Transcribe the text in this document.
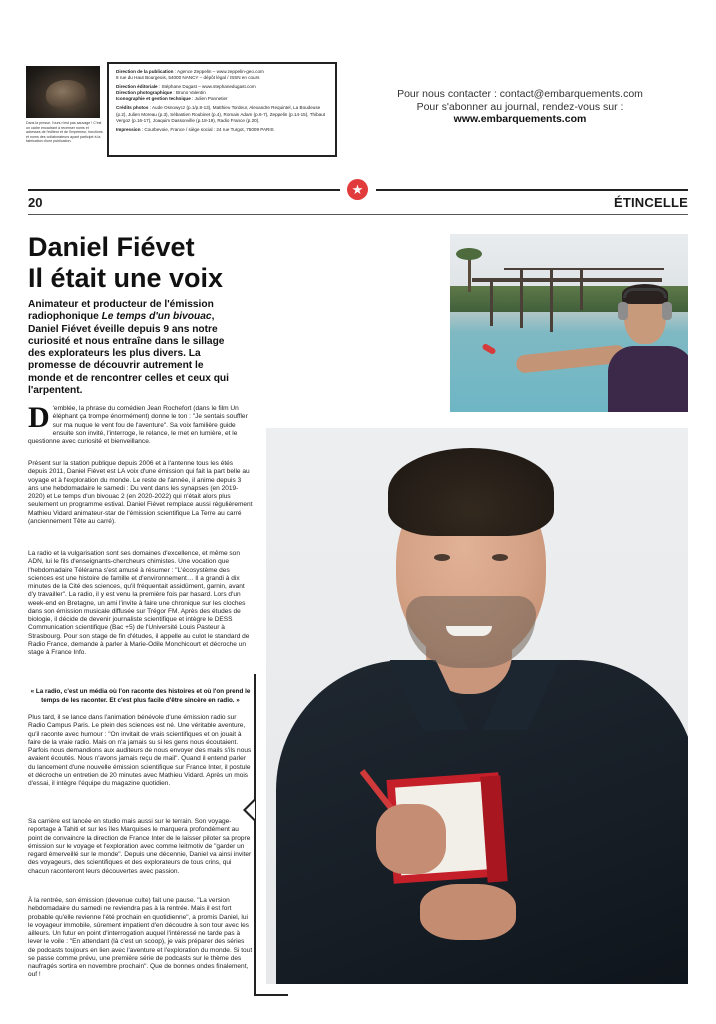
Dans la presse, l'ours n'est pas sauvage ! C'est un cadre encadrant à recenser noms et adresses de l'éditeur et de l'imprimeur, fonctions et noms des collaborateurs ayant participé à la fabrication d'une publication.
Direction de la publication : Agence Zeppelin – www.zeppelin-geo.com
8 rue du Haut Bourgeois, 54000 NANCY – dépôt légal / ISSN en cours
Direction éditoriale : Stéphane Dugast – www.stephanedugast.com
Direction photographique : Bruno Valentin
Iconographie et gestion technique : Julien Pannetier
Crédits photos : Aude Osnowycz (p.1/p.8-13), Matthieu Tordeur, Alexandre Requintel, La Boudeuse (p.2), Julien Moreau (p.3), Sébastien Roubinet (p.4), Romain Adam (p.6-7), Zeppelin (p.14-15), Thibaut Vergoz (p.16-17), Joaquim Dassonville (p.18-19), Radio France (p.20).
Impression : Courbevoie, France / siège social : 24 rue Turgot, 75009 PARIS
Pour nous contacter : contact@embarquements.com
Pour s'abonner au journal, rendez-vous sur :
www.embarquements.com
★
20	ÉTINCELLE
Daniel Fiévet
Il était une voix
Animateur et producteur de l'émission radiophonique Le temps d'un bivouac, Daniel Fiévet éveille depuis 9 ans notre curiosité et nous entraîne dans le sillage des explorateurs les plus divers. La promesse de découvrir autrement le monde et de rencontrer celles et ceux qui l'arpentent.
D 'emblée, la phrase du comédien Jean Rochefort (dans le film Un éléphant ça trompe énormément) donne le ton : "Je sentais souffler sur ma nuque le vent fou de l'aventure". Sa voix familière guide ensuite son invité, l'interroge, le relance, le met en lumière, et le questionne avec curiosité et bienveillance.
Présent sur la station publique depuis 2006 et à l'antenne tous les étés depuis 2011, Daniel Fiévet est LA voix d'une émission qui fait la part belle au voyage et à l'exploration du monde. Le reste de l'année, il anime depuis 3 ans une hebdomadaire le samedi : Du vent dans les synapses (en 2019-2020) et Le temps d'un bivouac 2 (en 2020-2022) qui n'était alors plus seulement un programme estival. Daniel Fiévet remplace aussi régulièrement Mathieu Vidard animateur-star de l'émission scientifique La Terre au carré (anciennement Tête au carré).
La radio et la vulgarisation sont ses domaines d'excellence, et même son ADN, lui le fils d'enseignants-chercheurs chimistes. Une vocation que l'hebdomadaire Télérama s'est amusé à résumer : "L'écosystème des sciences est une histoire de famille et d'environnement… Il a grandi à dix minutes de la Cité des sciences, qu'il fréquentait assidûment, garnin, avant d'y travailler". La radio, il y est venu la première fois par hasard. Lors d'un week-end en Bretagne, un ami l'invite à faire une chronique sur les cloches dans son émission musicale diffusée sur Trégor FM. Après des études de biologie, il décide de devenir journaliste scientifique et intègre le DESS Communication scientifique (Bac +5) de l'Université Louis Pasteur à Strasbourg. Pour son stage de fin d'études, il appelle au culot le standard de Radio France, demande à parler à Marie-Odile Monchicourt et décroche un stage à France Info.
« La radio, c'est un média où l'on raconte des histoires et où l'on prend le temps de les raconter. Et c'est plus facile d'être sincère en radio. »
Plus tard, il se lance dans l'animation bénévole d'une émission radio sur Radio Campus Paris. Le plein des sciences est né. Une véritable aventure, qu'il raconte avec humour : "On invitait de vrais scientifiques et on jouait à faire de la vraie radio. Mais on n'a jamais su si les gens nous écoutaient. Parfois nous demandions aux auditeurs de nous envoyer des mails s'ils nous avaient écoutés. Nous n'avons jamais reçu de mail". Quand il entend parler du lancement d'une nouvelle émission scientifique sur France Inter, il postule et décroche un entretien de 20 minutes avec Mathieu Vidard. Après un mois d'essai, il intègre l'équipe du magazine quotidien.
Sa carrière est lancée en studio mais aussi sur le terrain. Son voyage-reportage à Tahiti et sur les îles Marquises le marquera profondément au point de convaincre la direction de France Inter de le laisser piloter sa propre émission sur le voyage et l'exploration avec comme leitmotiv de "garder un regard émerveillé sur le monde". Depuis une décennie, Daniel va ainsi inviter des voyageurs, des scientifiques et des explorateurs de tous crins, qui chacun raconteront leurs découvertes avec passion.
À la rentrée, son émission (devenue culte) fait une pause. "La version hebdomadaire du samedi ne reviendra pas à la rentrée. Mais il est fort probable qu'elle revienne l'été prochain en quotidienne", a promis Daniel, lui le voyageur immobile, sûrement impatient d'en découdre à son tour avec les ailleurs. Un futur en point d'interrogation auquel l'intéressé ne tarde pas à lever le voile : "En attendant (là c'est un scoop), je vais préparer des séries de podcasts toujours en lien avec l'aventure et l'exploration du monde. Si tout se passe comme prévu, une première série de podcasts sur le thème des naufragés sortira en novembre prochain". Que de bonnes ondes finalement, ouf !
